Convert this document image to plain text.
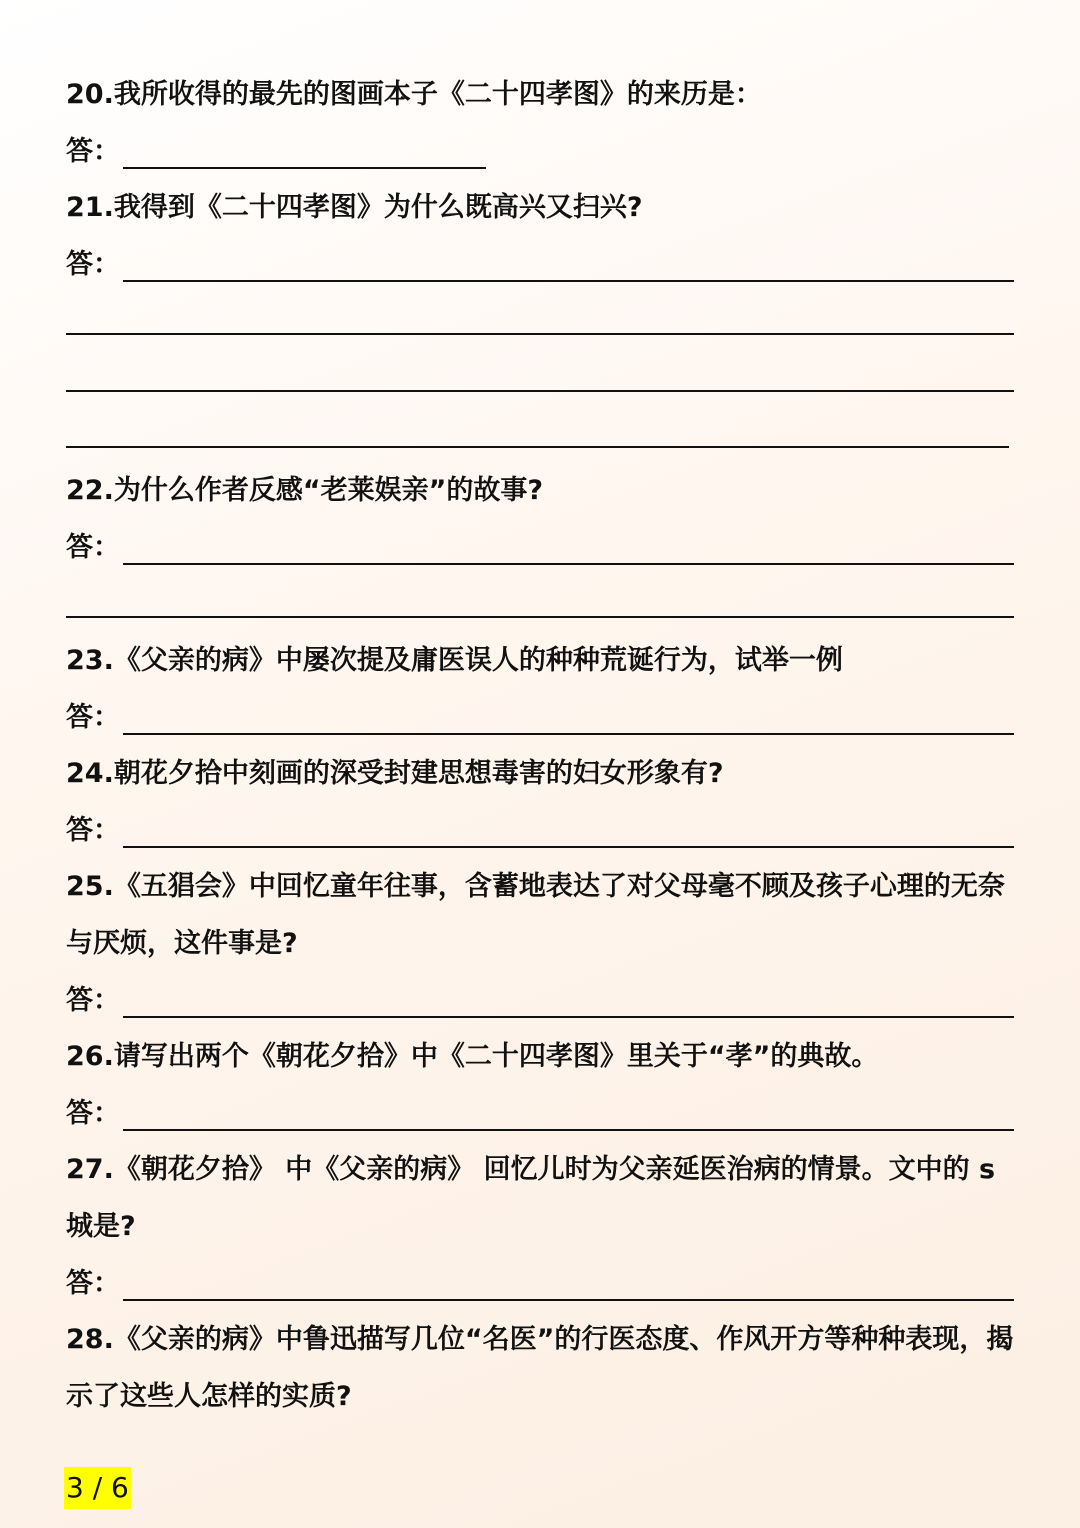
20.我所收得的最先的图画本子《二十四孝图》的来历是：
答：
21.我得到《二十四孝图》为什么既高兴又扫兴?
答：
22.为什么作者反感“老莱娱亲”的故事?
答：
23.《父亲的病》中屡次提及庸医误人的种种荒诞行为，试举一例
答：
24.朝花夕拾中刻画的深受封建思想毒害的妇女形象有?
答：
25.《五猖会》中回忆童年往事，含蓄地表达了对父母毫不顾及孩子心理的无奈与厌烦，这件事是?
答：
26.请写出两个《朝花夕拾》中《二十四孝图》里关于“孝”的典故。
答：
27.《朝花夕拾》 中《父亲的病》 回忆儿时为父亲延医治病的情景。文中的 s 城是?
答：
28.《父亲的病》中鲁迅描写几位“名医”的行医态度、作风开方等种种表现，揭示了这些人怎样的实质?
3 / 6
